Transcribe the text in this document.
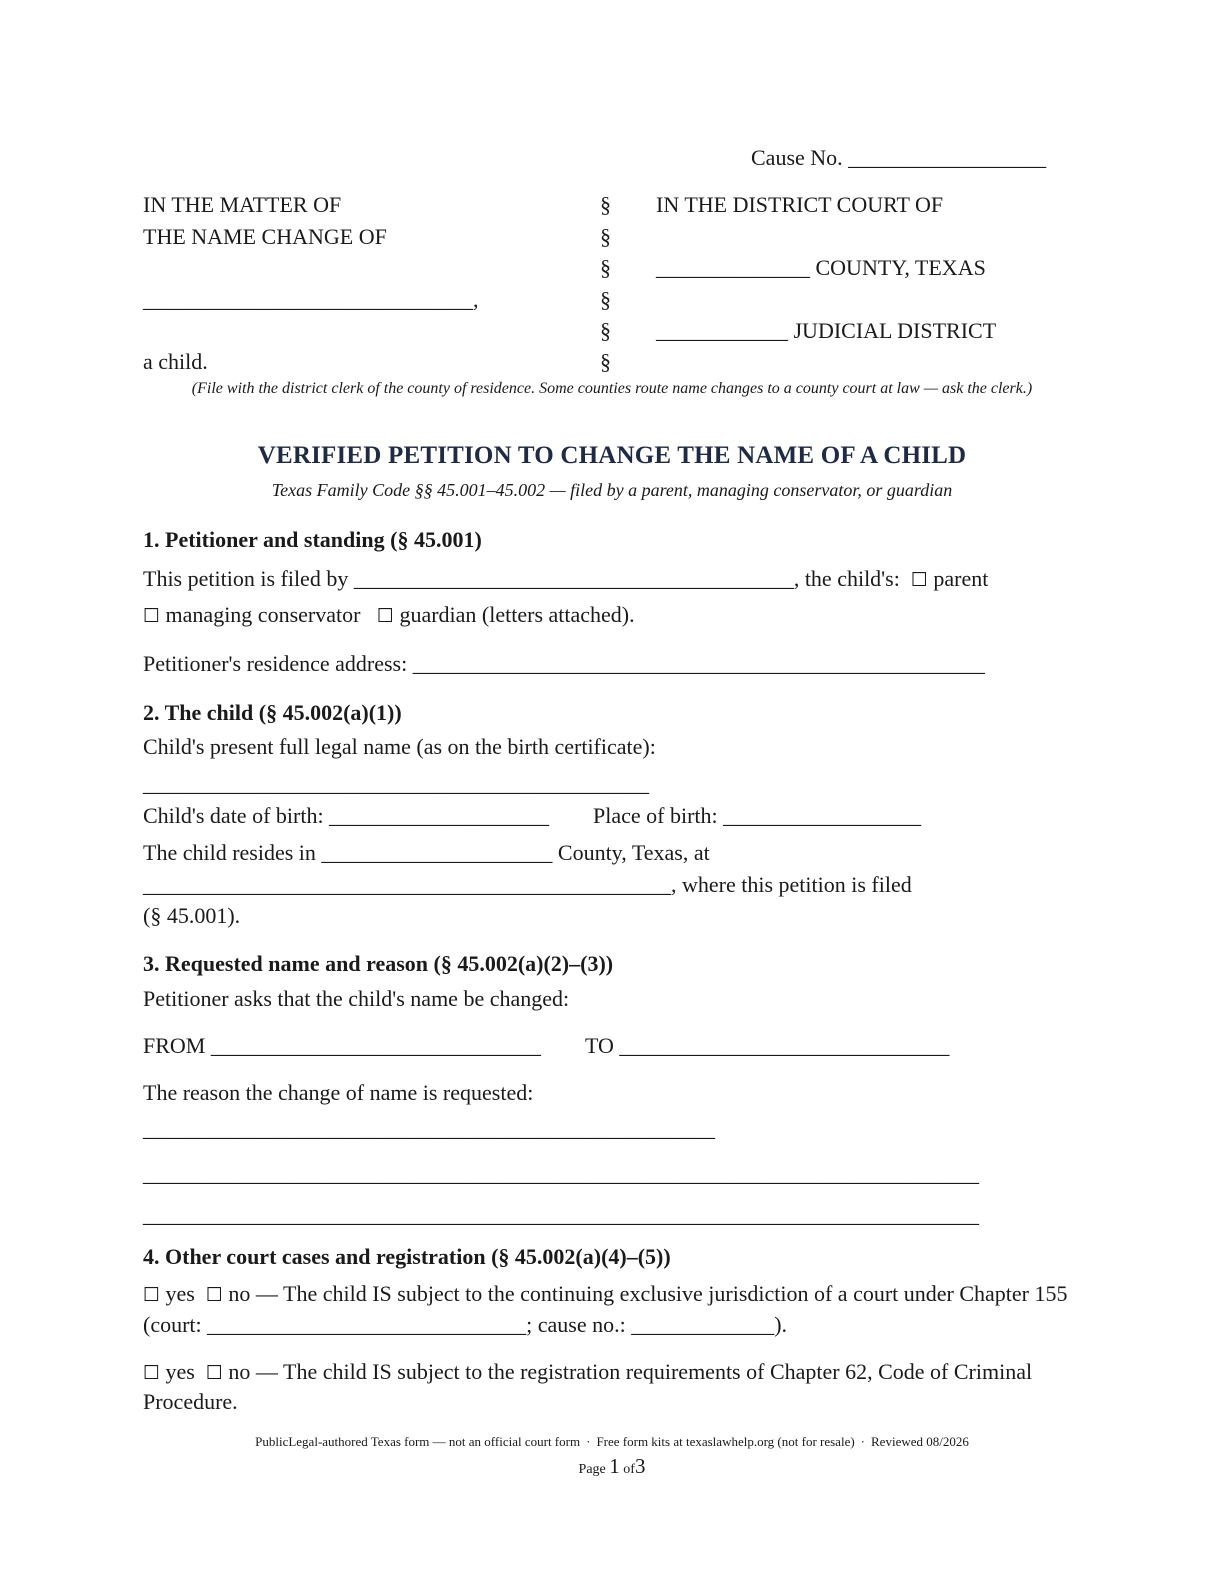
Cause No. __________________
IN THE MATTER OF
THE NAME CHANGE OF
______________________________,
a child.
§
§
§
§
§
§
IN THE DISTRICT COURT OF
______________ COUNTY, TEXAS
____________ JUDICIAL DISTRICT
(File with the district clerk of the county of residence. Some counties route name changes to a county court at law — ask the clerk.)
VERIFIED PETITION TO CHANGE THE NAME OF A CHILD
Texas Family Code §§ 45.001–45.002 — filed by a parent, managing conservator, or guardian
1. Petitioner and standing (§ 45.001)
This petition is filed by ________________________________________, the child's: ☐ parent
☐ managing conservator ☐ guardian (letters attached).
Petitioner's residence address: ____________________________________________________
2. The child (§ 45.002(a)(1))
Child's present full legal name (as on the birth certificate):
______________________________________________
Child's date of birth: ____________________ Place of birth: __________________
The child resides in _____________________ County, Texas, at
________________________________________________, where this petition is filed
(§ 45.001).
3. Requested name and reason (§ 45.002(a)(2)–(3))
Petitioner asks that the child's name be changed:
FROM ______________________________ TO ______________________________
The reason the change of name is requested:
____________________________________________________
____________________________________________________________________________
____________________________________________________________________________
4. Other court cases and registration (§ 45.002(a)(4)–(5))
☐ yes ☐ no — The child IS subject to the continuing exclusive jurisdiction of a court under Chapter 155
(court: _____________________________; cause no.: _____________).
☐ yes ☐ no — The child IS subject to the registration requirements of Chapter 62, Code of Criminal
Procedure.
PublicLegal-authored Texas form — not an official court form · Free form kits at texaslawhelp.org (not for resale) · Reviewed 08/2026
Page 1 of3
